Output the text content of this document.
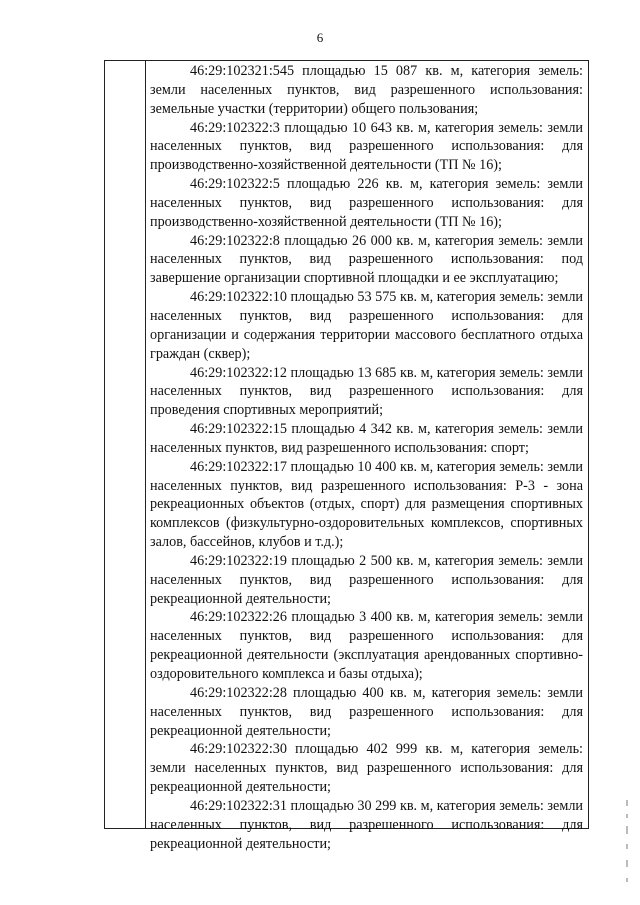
6

46:29:102321:545 площадью 15 087 кв. м, категория земель: земли населенных пунктов, вид разрешенного использования: земельные участки (территории) общего пользования;

46:29:102322:3 площадью 10 643 кв. м, категория земель: земли населенных пунктов, вид разрешенного использования: для производственно-хозяйственной деятельности (ТП № 16);

46:29:102322:5 площадью 226 кв. м, категория земель: земли населенных пунктов, вид разрешенного использования: для производственно-хозяйственной деятельности (ТП № 16);

46:29:102322:8 площадью 26 000 кв. м, категория земель: земли населенных пунктов, вид разрешенного использования: под завершение организации спортивной площадки и ее эксплуатацию;

46:29:102322:10 площадью 53 575 кв. м, категория земель: земли населенных пунктов, вид разрешенного использования: для организации и содержания территории массового бесплатного отдыха граждан (сквер);

46:29:102322:12 площадью 13 685 кв. м, категория земель: земли населенных пунктов, вид разрешенного использования: для проведения спортивных мероприятий;

46:29:102322:15 площадью 4 342 кв. м, категория земель: земли населенных пунктов, вид разрешенного использования: спорт;

46:29:102322:17 площадью 10 400 кв. м, категория земель: земли населенных пунктов, вид разрешенного использования: Р-3 - зона рекреационных объектов (отдых, спорт) для размещения спортивных комплексов (физкультурно-оздоровительных комплексов, спортивных залов, бассейнов, клубов и т.д.);

46:29:102322:19 площадью 2 500 кв. м, категория земель: земли населенных пунктов, вид разрешенного использования: для рекреационной деятельности;

46:29:102322:26 площадью 3 400 кв. м, категория земель: земли населенных пунктов, вид разрешенного использования: для рекреационной деятельности (эксплуатация арендованных спортивно-оздоровительного комплекса и базы отдыха);

46:29:102322:28 площадью 400 кв. м, категория земель: земли населенных пунктов, вид разрешенного использования: для рекреационной деятельности;

46:29:102322:30 площадью 402 999 кв. м, категория земель: земли населенных пунктов, вид разрешенного использования: для рекреационной деятельности;

46:29:102322:31 площадью 30 299 кв. м, категория земель: земли населенных пунктов, вид разрешенного использования: для рекреационной деятельности;
